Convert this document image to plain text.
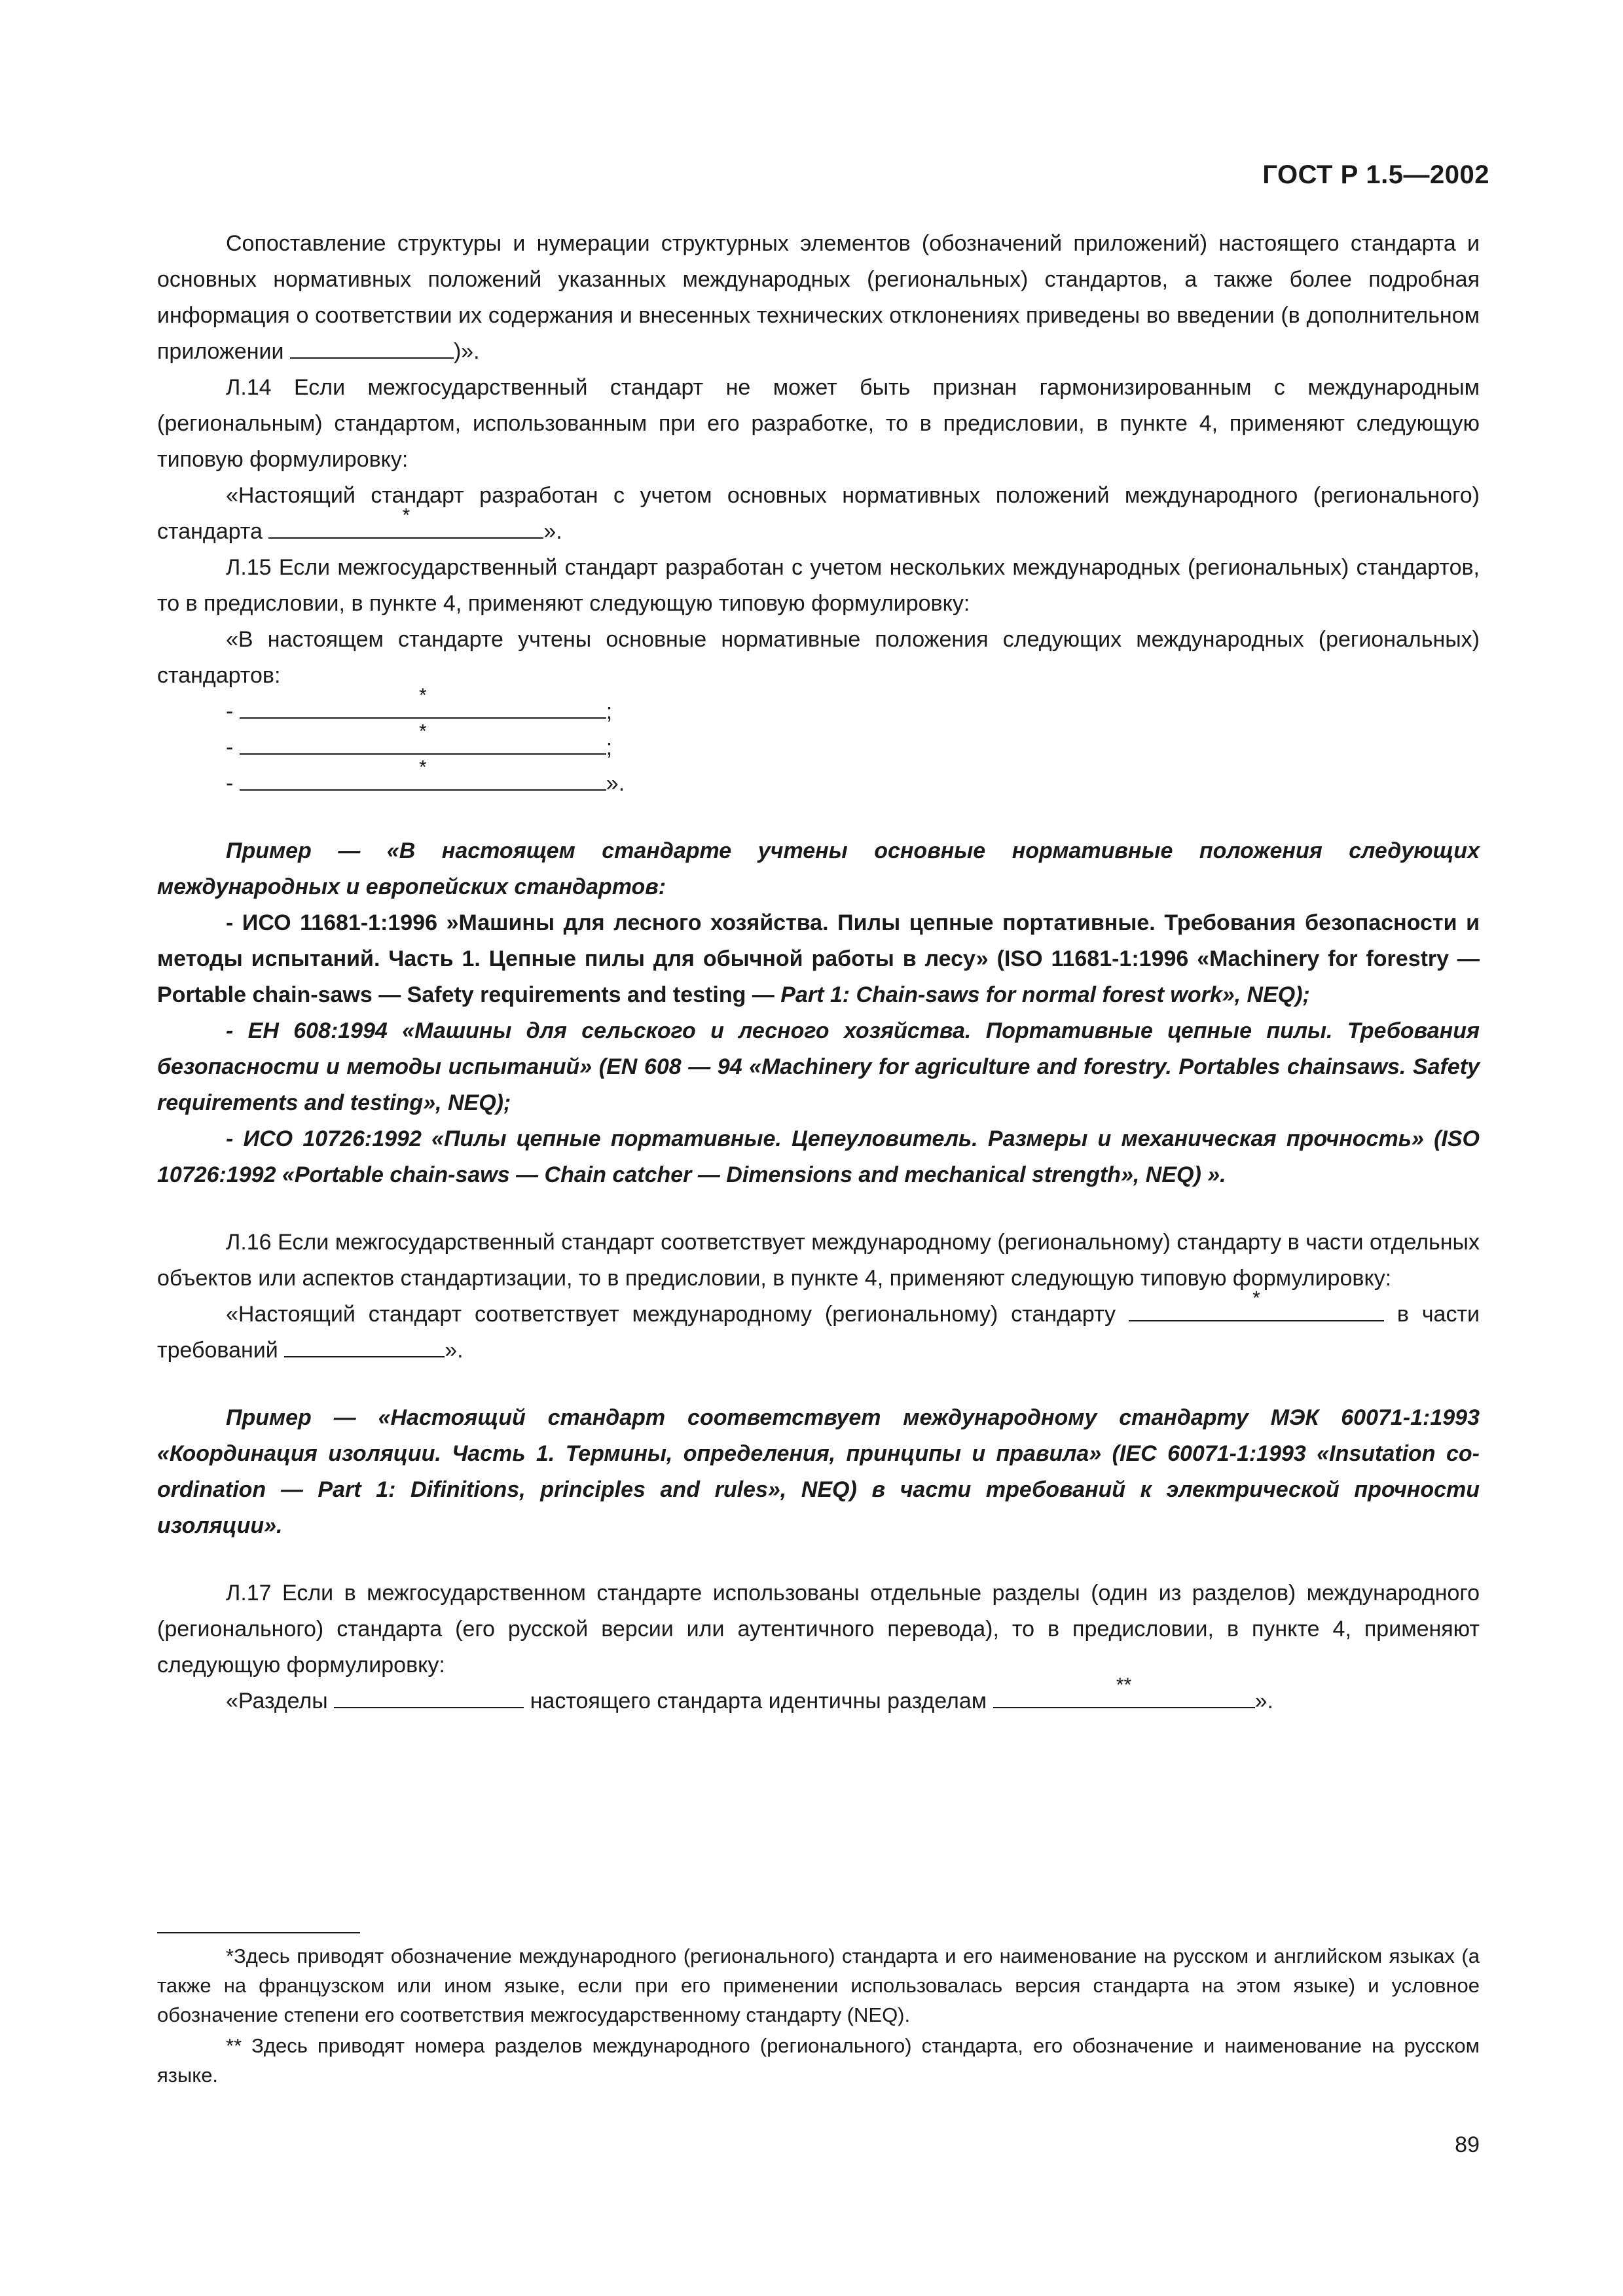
ГОСТ Р 1.5—2002

Сопоставление структуры и нумерации структурных элементов (обозначений приложений) настоящего стандарта и основных нормативных положений указанных международных (региональных) стандартов, а также более подробная информация о соответствии их содержания и внесенных технических отклонениях приведены во введении (в дополнительном приложении	)».

Л.14 Если межгосударственный стандарт не может быть признан гармонизированным с международным (региональным) стандартом, использованным при его разработке, то в предисловии, в пункте 4, применяют следующую типовую формулировку:

«Настоящий стандарт разработан с учетом основных нормативных положений международного (регионального) стандарта
*
».

Л.15 Если межгосударственный стандарт разработан с учетом нескольких международных (региональных) стандартов, то в предисловии, в пункте 4, применяют следующую типовую формулировку:

«В настоящем стандарте учтены основные нормативные положения следующих международных (региональных) стандартов:

-
*
;

-
*
;

-
*
».

Пример — «В настоящем стандарте учтены основные нормативные положения следующих международных и европейских стандартов:

- ИСО 11681-1:1996 »Машины для лесного хозяйства. Пилы цепные портативные. Требования безопасности и методы испытаний. Часть 1. Цепные пилы для обычной работы в лесу» (ISO 11681-1:1996 «Machinery for forestry — Portable chain-saws — Safety requirements and testing — Part 1: Chain-saws for normal forest work», NEQ);

- ЕН 608:1994 «Машины для сельского и лесного хозяйства. Портативные цепные пилы. Требования безопасности и методы испытаний» (EN 608 — 94 «Machinery for agriculture and forestry. Portables chainsaws. Safety requirements and testing», NEQ);

- ИСО 10726:1992 «Пилы цепные портативные. Цепеуловитель. Размеры и механическая прочность» (ISO 10726:1992 «Portable chain-saws — Chain catcher — Dimensions and mechanical strength», NEQ) ».

Л.16 Если межгосударственный стандарт соответствует международному (региональному) стандарту в части отдельных объектов или аспектов стандартизации, то в предисловии, в пункте 4, применяют следующую типовую формулировку:

«Настоящий стандарт соответствует международному (региональному) стандарту
*
в части требований	».

Пример — «Настоящий стандарт соответствует международному стандарту МЭК 60071-1:1993 «Координация изоляции. Часть 1. Термины, определения, принципы и правила» (IEC 60071-1:1993 «Insutation co-ordination — Part 1: Difinitions, principles and rules», NEQ) в части требований к электрической прочности изоляции».

Л.17 Если в межгосударственном стандарте использованы отдельные разделы (один из разделов) международного (регионального) стандарта (его русской версии или аутентичного перевода), то в предисловии, в пункте 4, применяют следующую формулировку:

«Разделы	настоящего стандарта идентичны разделам
**
».

*Здесь приводят обозначение международного (регионального) стандарта и его наименование на русском и английском языках (а также на французском или ином языке, если при его применении использовалась версия стандарта на этом языке) и условное обозначение степени его соответствия межгосударственному стандарту (NEQ).

** Здесь приводят номера разделов международного (регионального) стандарта, его обозначение и наименование на русском языке.

89
